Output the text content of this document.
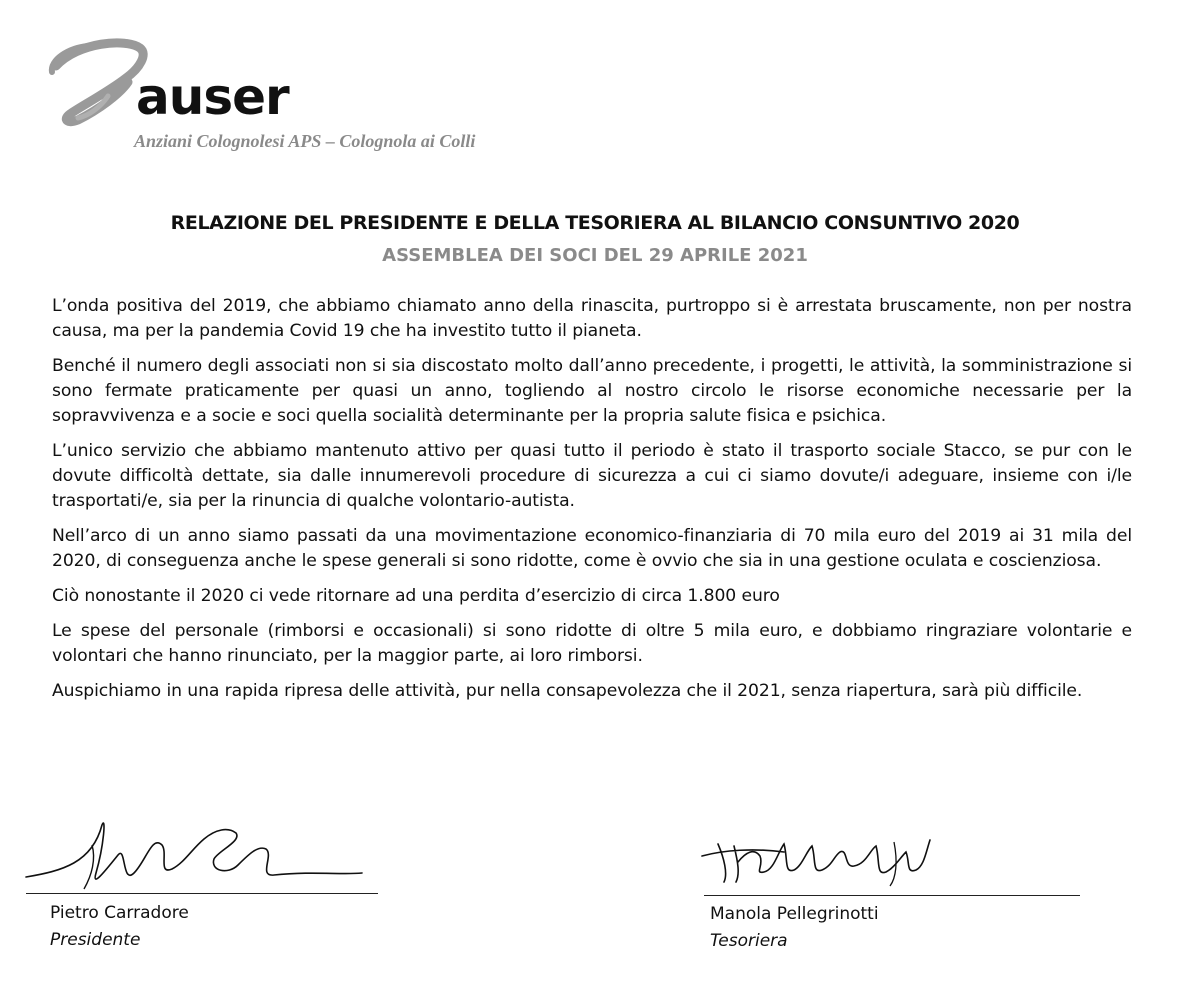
auser
Anziani Colognolesi APS – Colognola ai Colli
RELAZIONE DEL PRESIDENTE E DELLA TESORIERA AL BILANCIO CONSUNTIVO 2020
ASSEMBLEA DEI SOCI DEL 29 APRILE 2021

L’onda positiva del 2019, che abbiamo chiamato anno della rinascita, purtroppo si è arrestata bruscamente, non per nostra causa, ma per la pandemia Covid 19 che ha investito tutto il pianeta.

Benché il numero degli associati non si sia discostato molto dall’anno precedente, i progetti, le attività, la somministrazione si sono fermate praticamente per quasi un anno, togliendo al nostro circolo le risorse economiche necessarie per la sopravvivenza e a socie e soci quella socialità determinante per la propria salute fisica e psichica.

L’unico servizio che abbiamo mantenuto attivo per quasi tutto il periodo è stato il trasporto sociale Stacco, se pur con le dovute difficoltà dettate, sia dalle innumerevoli procedure di sicurezza a cui ci siamo dovute/i adeguare, insieme con i/le trasportati/e, sia per la rinuncia di qualche volontario-autista.

Nell’arco di un anno siamo passati da una movimentazione economico-finanziaria di 70 mila euro del 2019 ai 31 mila del 2020, di conseguenza anche le spese generali si sono ridotte, come è ovvio che sia in una gestione oculata e coscienziosa.

Ciò nonostante il 2020 ci vede ritornare ad una perdita d’esercizio di circa 1.800 euro

Le spese del personale (rimborsi e occasionali) si sono ridotte di oltre 5 mila euro, e dobbiamo ringraziare volontarie e volontari che hanno rinunciato, per la maggior parte, ai loro rimborsi.

Auspichiamo in una rapida ripresa delle attività, pur nella consapevolezza che il 2021, senza riapertura, sarà più difficile.

Pietro Carradore
Presidente
Manola Pellegrinotti
Tesoriera
